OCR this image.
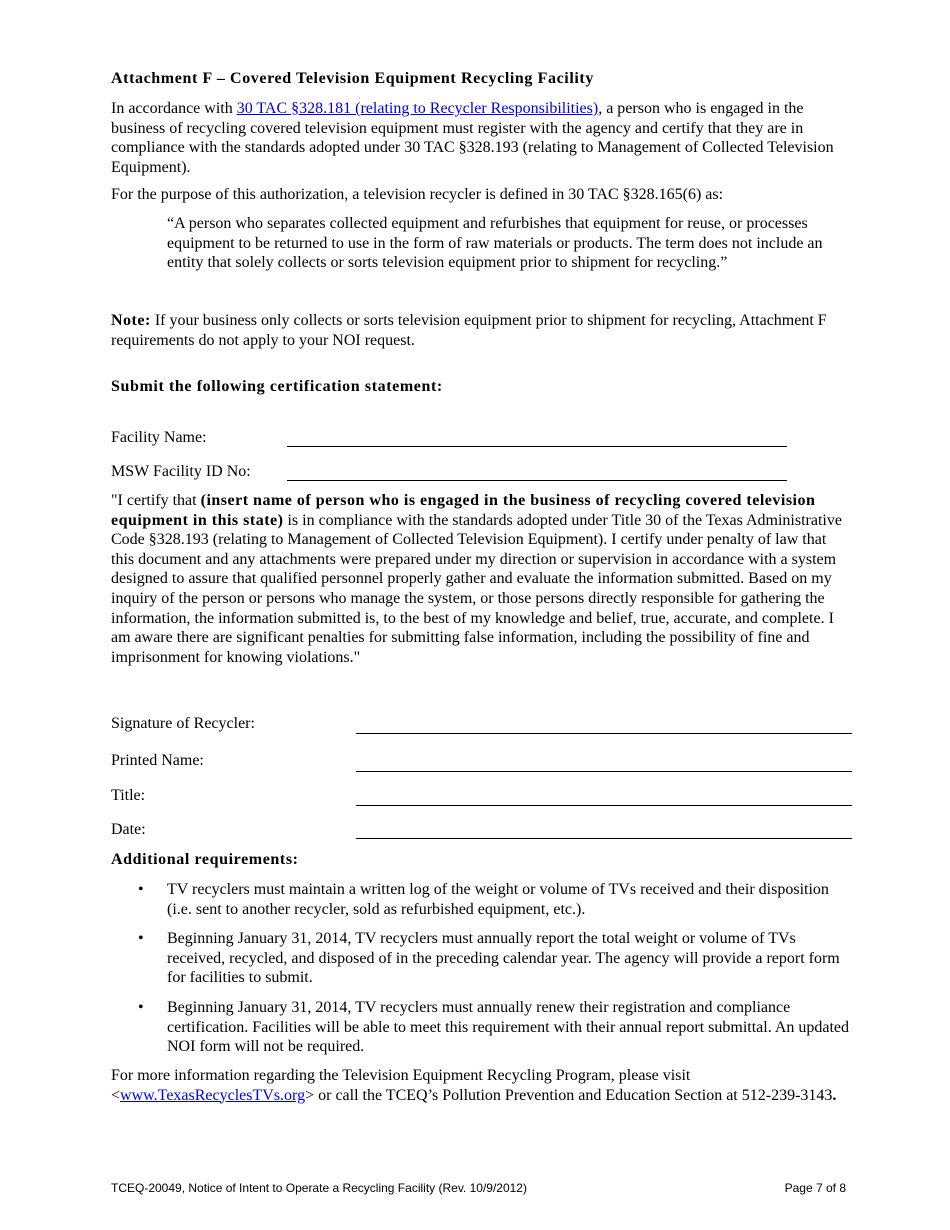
Attachment F – Covered Television Equipment Recycling Facility

In accordance with 30 TAC §328.181 (relating to Recycler Responsibilities), a person who is engaged in the business of recycling covered television equipment must register with the agency and certify that they are in compliance with the standards adopted under 30 TAC §328.193 (relating to Management of Collected Television Equipment).

For the purpose of this authorization, a television recycler is defined in 30 TAC §328.165(6) as:

“A person who separates collected equipment and refurbishes that equipment for reuse, or processes equipment to be returned to use in the form of raw materials or products. The term does not include an entity that solely collects or sorts television equipment prior to shipment for recycling.”

Note: If your business only collects or sorts television equipment prior to shipment for recycling, Attachment F requirements do not apply to your NOI request.

Submit the following certification statement:
Facility Name:
MSW Facility ID No:

"I certify that (insert name of person who is engaged in the business of recycling covered television equipment in this state) is in compliance with the standards adopted under Title 30 of the Texas Administrative Code §328.193 (relating to Management of Collected Television Equipment). I certify under penalty of law that this document and any attachments were prepared under my direction or supervision in accordance with a system designed to assure that qualified personnel properly gather and evaluate the information submitted. Based on my inquiry of the person or persons who manage the system, or those persons directly responsible for gathering the information, the information submitted is, to the best of my knowledge and belief, true, accurate, and complete. I am aware there are significant penalties for submitting false information, including the possibility of fine and imprisonment for knowing violations."

Signature of Recycler:
Printed Name:
Title:
Date:
Additional requirements:
• TV recyclers must maintain a written log of the weight or volume of TVs received and their disposition (i.e. sent to another recycler, sold as refurbished equipment, etc.).
• Beginning January 31, 2014, TV recyclers must annually report the total weight or volume of TVs received, recycled, and disposed of in the preceding calendar year. The agency will provide a report form for facilities to submit.
• Beginning January 31, 2014, TV recyclers must annually renew their registration and compliance certification. Facilities will be able to meet this requirement with their annual report submittal. An updated NOI form will not be required.

For more information regarding the Television Equipment Recycling Program, please visit <www.TexasRecyclesTVs.org> or call the TCEQ’s Pollution Prevention and Education Section at 512-239-3143.

TCEQ-20049, Notice of Intent to Operate a Recycling Facility (Rev. 10/9/2012)	Page 7 of 8
